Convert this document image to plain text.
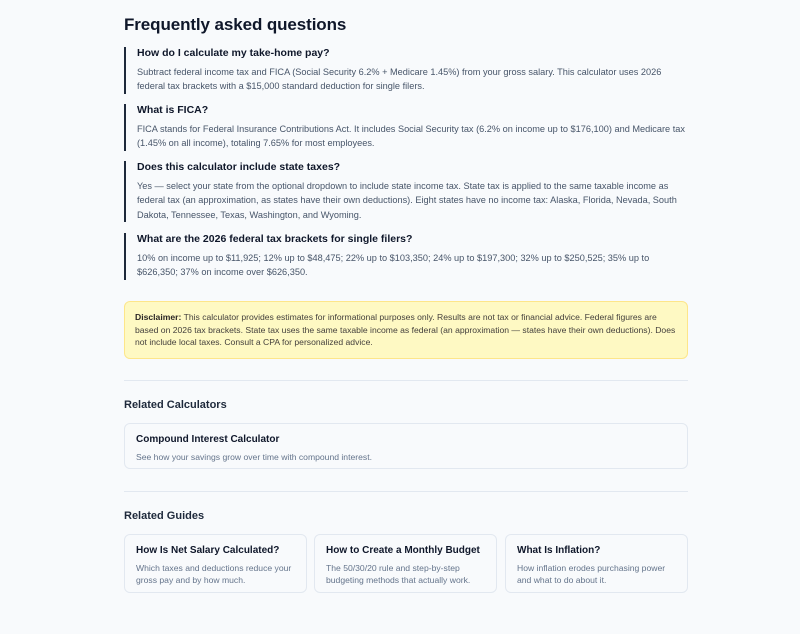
Frequently asked questions
How do I calculate my take-home pay?
Subtract federal income tax and FICA (Social Security 6.2% + Medicare 1.45%) from your gross salary. This calculator uses 2026 federal tax brackets with a $15,000 standard deduction for single filers.
What is FICA?
FICA stands for Federal Insurance Contributions Act. It includes Social Security tax (6.2% on income up to $176,100) and Medicare tax (1.45% on all income), totaling 7.65% for most employees.
Does this calculator include state taxes?
Yes — select your state from the optional dropdown to include state income tax. State tax is applied to the same taxable income as federal tax (an approximation, as states have their own deductions). Eight states have no income tax: Alaska, Florida, Nevada, South Dakota, Tennessee, Texas, Washington, and Wyoming.
What are the 2026 federal tax brackets for single filers?
10% on income up to $11,925; 12% up to $48,475; 22% up to $103,350; 24% up to $197,300; 32% up to $250,525; 35% up to $626,350; 37% on income over $626,350.
Disclaimer: This calculator provides estimates for informational purposes only. Results are not tax or financial advice. Federal figures are based on 2026 tax brackets. State tax uses the same taxable income as federal (an approximation — states have their own deductions). Does not include local taxes. Consult a CPA for personalized advice.
Related Calculators
Compound Interest Calculator
See how your savings grow over time with compound interest.
Related Guides
How Is Net Salary Calculated?
Which taxes and deductions reduce your gross pay and by how much.
How to Create a Monthly Budget
The 50/30/20 rule and step-by-step budgeting methods that actually work.
What Is Inflation?
How inflation erodes purchasing power and what to do about it.
